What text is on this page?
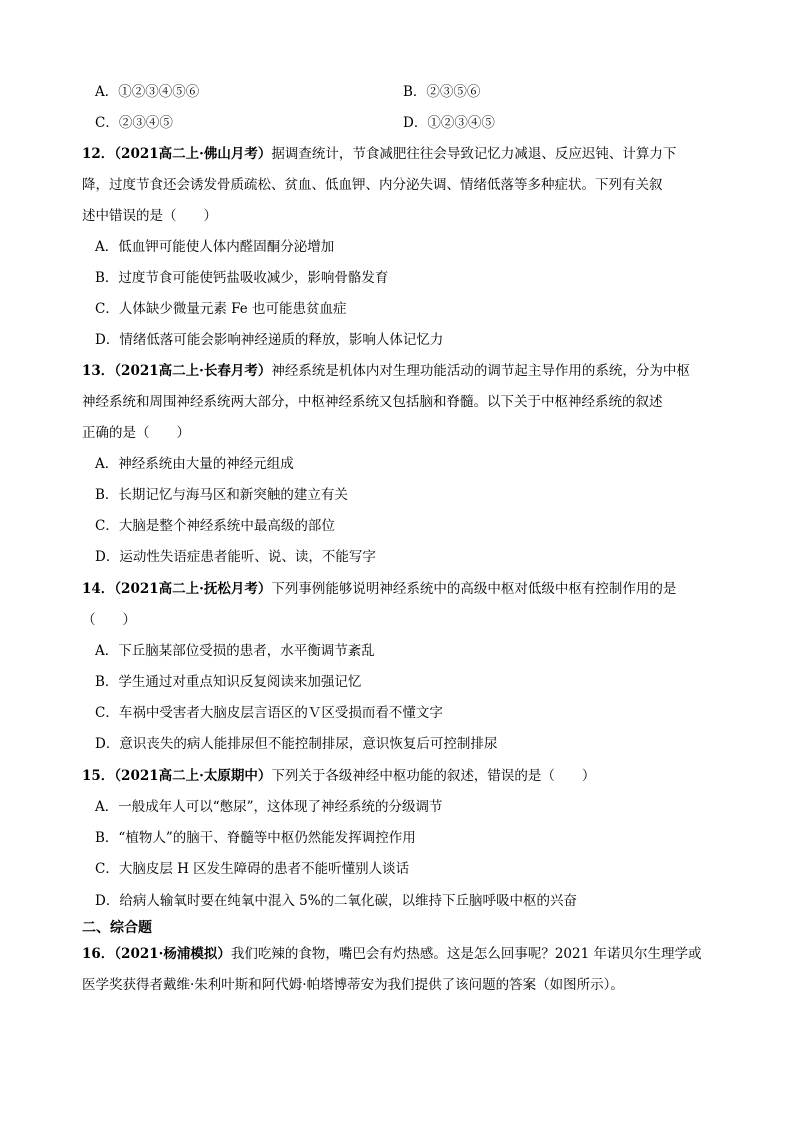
A．①②③④⑤⑥	B．②③⑤⑥
C．②③④⑤	D．①②③④⑤
12．（2021高二上·佛山月考）据调查统计，节食减肥往往会导致记忆力减退、反应迟钝、计算力下
降，过度节食还会诱发骨质疏松、贫血、低血钾、内分泌失调、情绪低落等多种症状。下列有关叙
述中错误的是（　　）
A．低血钾可能使人体内醛固酮分泌增加
B．过度节食可能使钙盐吸收减少，影响骨骼发育
C．人体缺少微量元素 Fe 也可能患贫血症
D．情绪低落可能会影响神经递质的释放，影响人体记忆力
13．（2021高二上·长春月考）神经系统是机体内对生理功能活动的调节起主导作用的系统，分为中枢
神经系统和周围神经系统两大部分，中枢神经系统又包括脑和脊髓。以下关于中枢神经系统的叙述
正确的是（　　）
A．神经系统由大量的神经元组成
B．长期记忆与海马区和新突触的建立有关
C．大脑是整个神经系统中最高级的部位
D．运动性失语症患者能听、说、读，不能写字
14．（2021高二上·抚松月考）下列事例能够说明神经系统中的高级中枢对低级中枢有控制作用的是
（　　）
A．下丘脑某部位受损的患者，水平衡调节紊乱
B．学生通过对重点知识反复阅读来加强记忆
C．车祸中受害者大脑皮层言语区的Ｖ区受损而看不懂文字
D．意识丧失的病人能排尿但不能控制排尿，意识恢复后可控制排尿
15．（2021高二上·太原期中）下列关于各级神经中枢功能的叙述，错误的是（　　）
A．一般成年人可以“憋尿”，这体现了神经系统的分级调节
B．“植物人”的脑干、脊髓等中枢仍然能发挥调控作用
C．大脑皮层 H 区发生障碍的患者不能听懂别人谈话
D．给病人输氧时要在纯氧中混入 5%的二氧化碳，以维持下丘脑呼吸中枢的兴奋
二、综合题
16．（2021·杨浦模拟）我们吃辣的食物，嘴巴会有灼热感。这是怎么回事呢？2021 年诺贝尔生理学或
医学奖获得者戴维·朱利叶斯和阿代姆·帕塔博蒂安为我们提供了该问题的答案（如图所示）。
